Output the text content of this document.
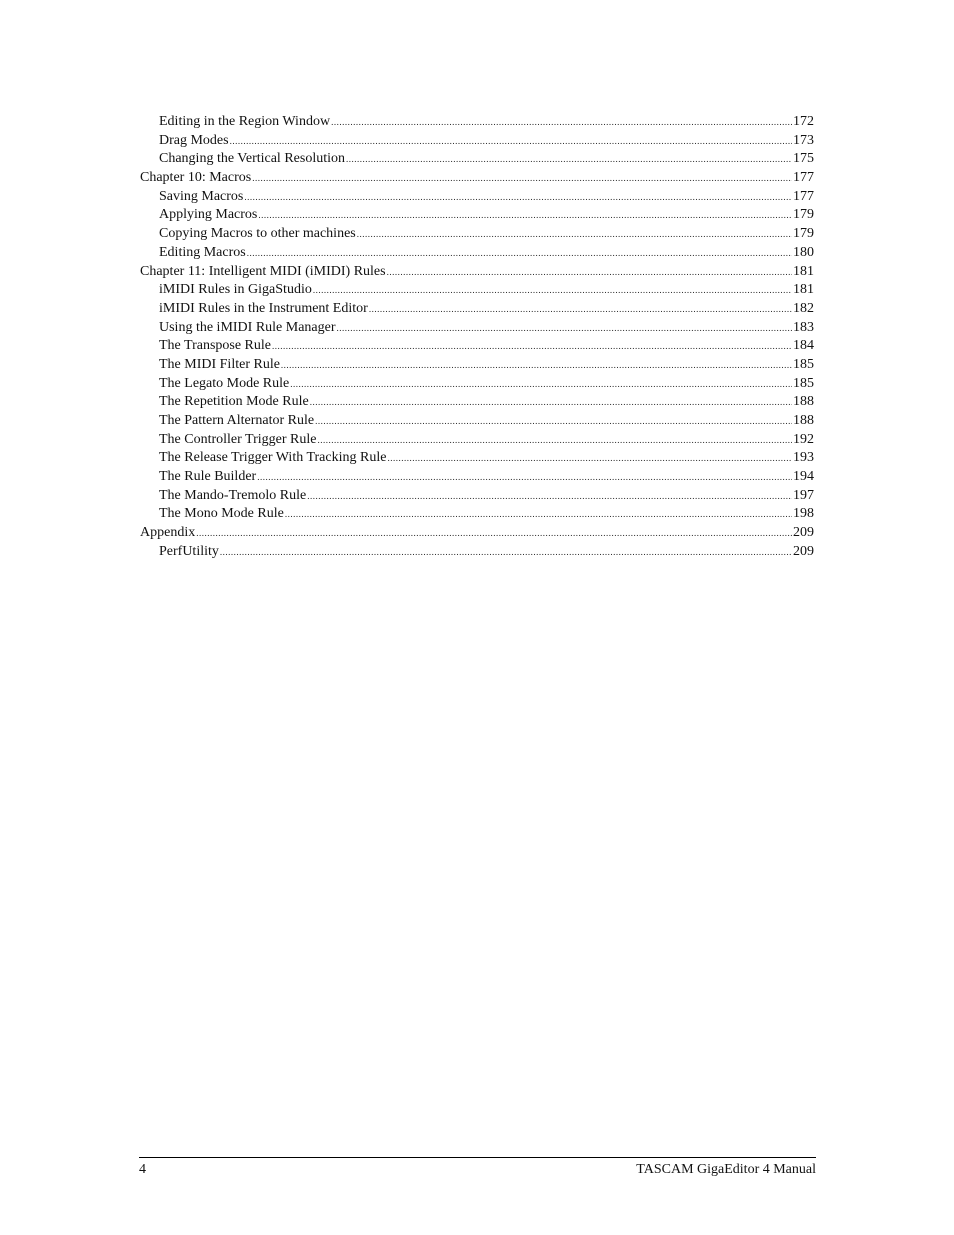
Editing in the Region Window .....	172
Drag Modes .....	173
Changing the Vertical Resolution .....	175
Chapter 10: Macros .....	177
Saving Macros .....	177
Applying Macros .....	179
Copying Macros to other machines .....	179
Editing Macros .....	180
Chapter 11: Intelligent MIDI (iMIDI) Rules .....	181
iMIDI Rules in GigaStudio .....	181
iMIDI Rules in the Instrument Editor .....	182
Using the iMIDI Rule Manager .....	183
The Transpose Rule .....	184
The MIDI Filter Rule .....	185
The Legato Mode Rule .....	185
The Repetition Mode Rule .....	188
The Pattern Alternator Rule .....	188
The Controller Trigger Rule .....	192
The Release Trigger With Tracking Rule .....	193
The Rule Builder .....	194
The Mando-Tremolo Rule .....	197
The Mono Mode Rule .....	198
Appendix .....	209
PerfUtility .....	209
4	TASCAM GigaEditor 4 Manual
